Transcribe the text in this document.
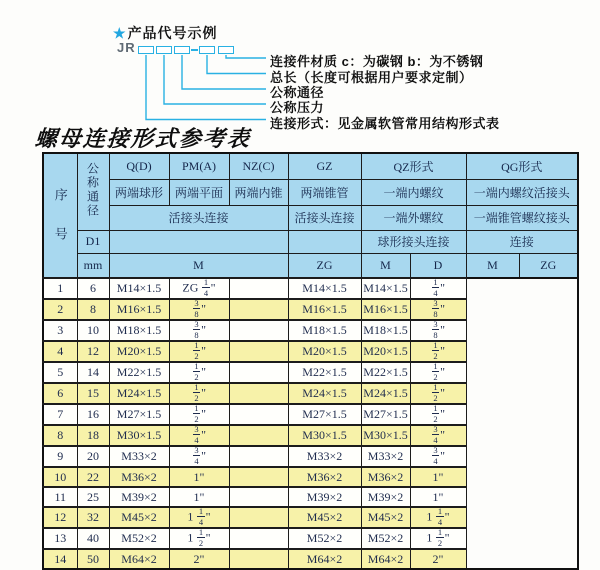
★产品代号示例
JR
连接件材质 c：为碳钢 b：为不锈钢
总长（长度可根据用户要求定制）
公称通径
公称压力
连接形式：见金属软管常用结构形式表
螺母连接形式参考表
序号	公称通径	Q(D)	PM(A)	NZ(C)	GZ	QZ形式		QG形式	
		两端球形	两端平面	两端内锥	两端锥管	一端内螺纹		一端内螺纹活接头	
		活接头连接			活接头连接	一端外螺纹		一端锥管螺纹接头	
	D1					球形接头连接		连接	
	mm	M			ZG	M	D	M	ZG
1	6	M14×1.5	ZG $\frac{1}{4}$ "		M14×1.5	M14×1.5	$\frac{1}{4}$ "		
2	8	M16×1.5	$\frac{3}{8}$ "		M16×1.5	M16×1.5	$\frac{3}{8}$ "		
3	10	M18×1.5	$\frac{3}{8}$ "		M18×1.5	M18×1.5	$\frac{3}{8}$ "		
4	12	M20×1.5	$\frac{1}{2}$ "		M20×1.5	M20×1.5	$\frac{1}{2}$ "		
5	14	M22×1.5	$\frac{1}{2}$ "		M22×1.5	M22×1.5	$\frac{1}{2}$ "		
6	15	M24×1.5	$\frac{1}{2}$ "		M24×1.5	M24×1.5	$\frac{1}{2}$ "		
7	16	M27×1.5	$\frac{1}{2}$ "		M27×1.5	M27×1.5	$\frac{1}{2}$ "		
8	18	M30×1.5	$\frac{3}{4}$ "		M30×1.5	M30×1.5	$\frac{3}{4}$ "		
9	20	M33×2	$\frac{3}{4}$ "		M33×2	M33×2	$\frac{3}{4}$ "		
10	22	M36×2	1"		M36×2	M36×2	1"		
11	25	M39×2	1"		M39×2	M39×2	1"		
12	32	M45×2	$1 \frac{1}{4}$ "		M45×2	M45×2	$1 \frac{1}{4}$ "		
13	40	M52×2	$1 \frac{1}{2}$ "		M52×2	M52×2	$1 \frac{1}{2}$ "		
14	50	M64×2	2"		M64×2	M64×2	2"		
